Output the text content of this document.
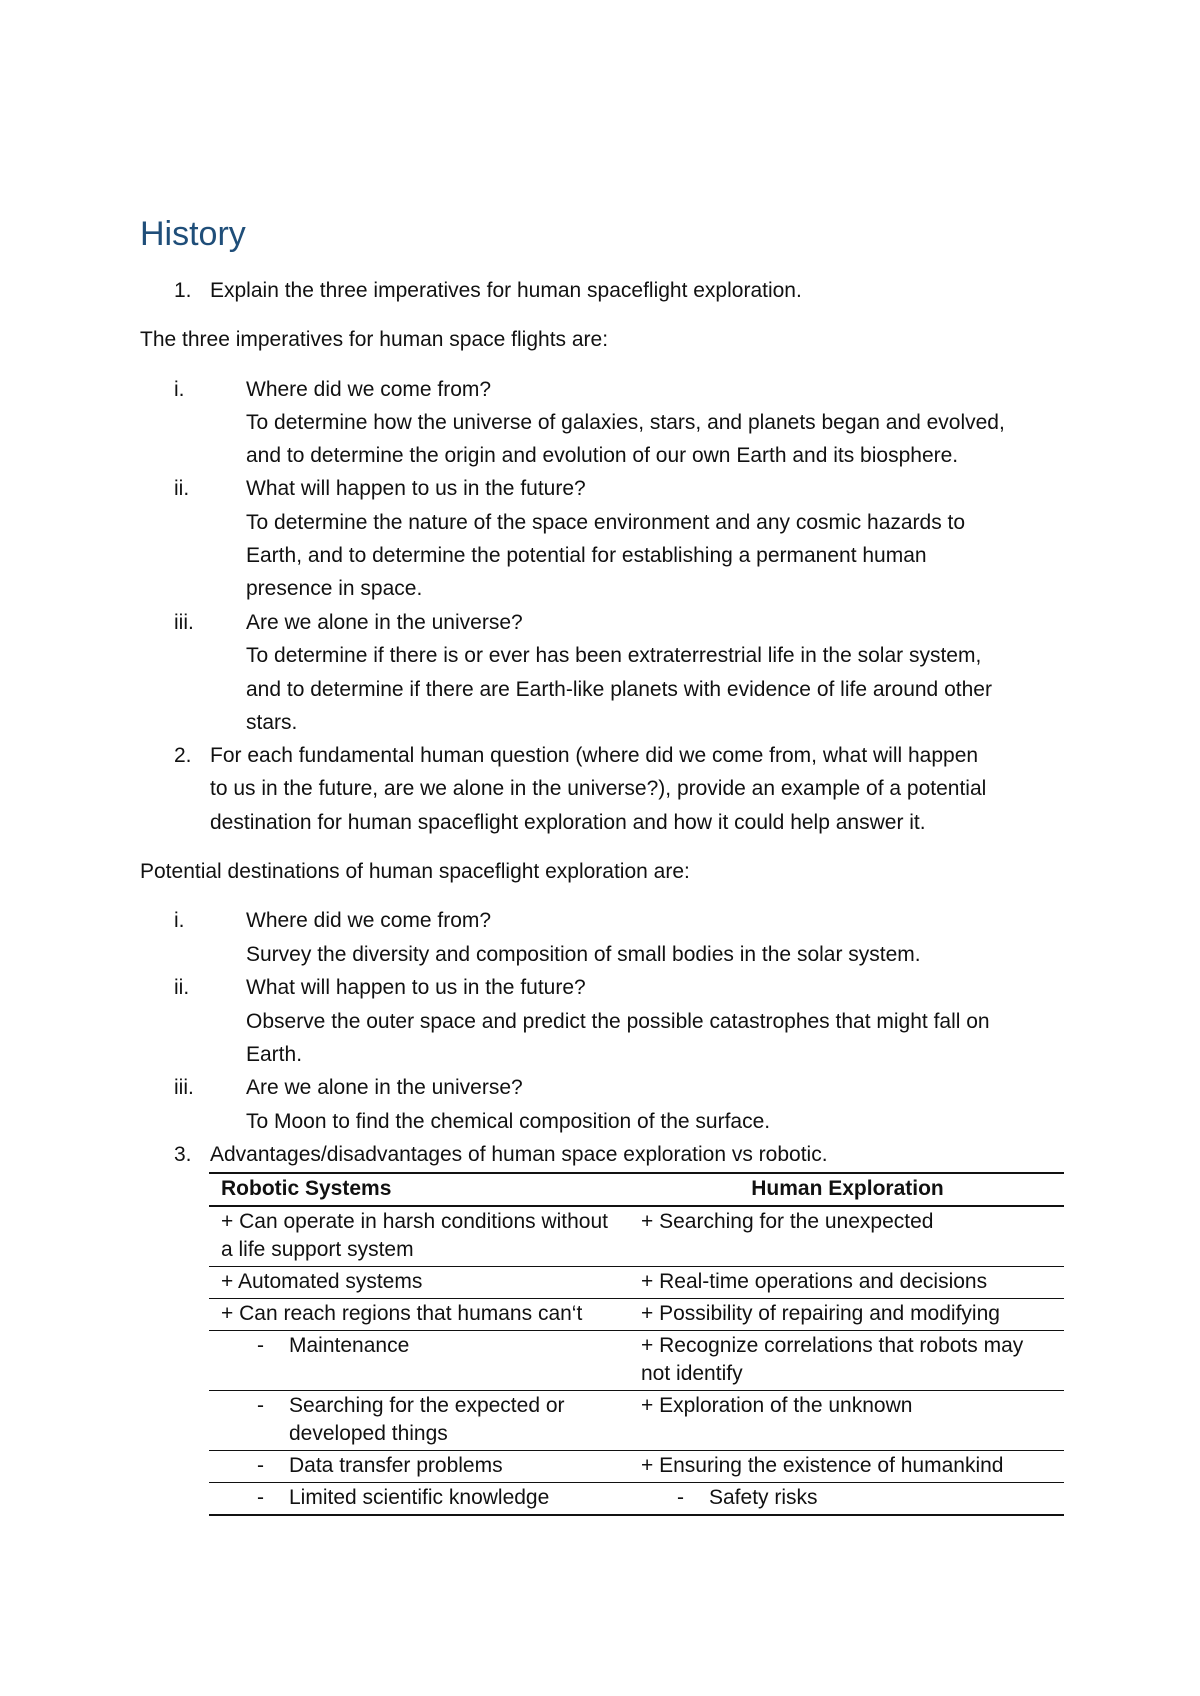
History
1. Explain the three imperatives for human spaceflight exploration.
The three imperatives for human space flights are:
i.	Where did we come from?
To determine how the universe of galaxies, stars, and planets began and evolved,
and to determine the origin and evolution of our own Earth and its biosphere.
ii.	What will happen to us in the future?
To determine the nature of the space environment and any cosmic hazards to
Earth, and to determine the potential for establishing a permanent human
presence in space.
iii. Are we alone in the universe?
To determine if there is or ever has been extraterrestrial life in the solar system,
and to determine if there are Earth-like planets with evidence of life around other
stars.
2. For each fundamental human question (where did we come from, what will happen
to us in the future, are we alone in the universe?), provide an example of a potential
destination for human spaceflight exploration and how it could help answer it.
Potential destinations of human spaceflight exploration are:
i.	Where did we come from?
Survey the diversity and composition of small bodies in the solar system.
ii.	What will happen to us in the future?
Observe the outer space and predict the possible catastrophes that might fall on
Earth.
iii. Are we alone in the universe?
To Moon to find the chemical composition of the surface.
3. Advantages/disadvantages of human space exploration vs robotic.
Robotic Systems	Human Exploration
+ Can operate in harsh conditions without a life support system	+ Searching for the unexpected
+ Automated systems	+ Real-time operations and decisions
+ Can reach regions that humans can‘t	+ Possibility of repairing and modifying

- Maintenance	+ Recognize correlations that robots may not identify

- Searching for the expected or developed things	+ Exploration of the unknown

- Data transfer problems	+ Ensuring the existence of humankind

- Limited scientific knowledge	- Safety risks
